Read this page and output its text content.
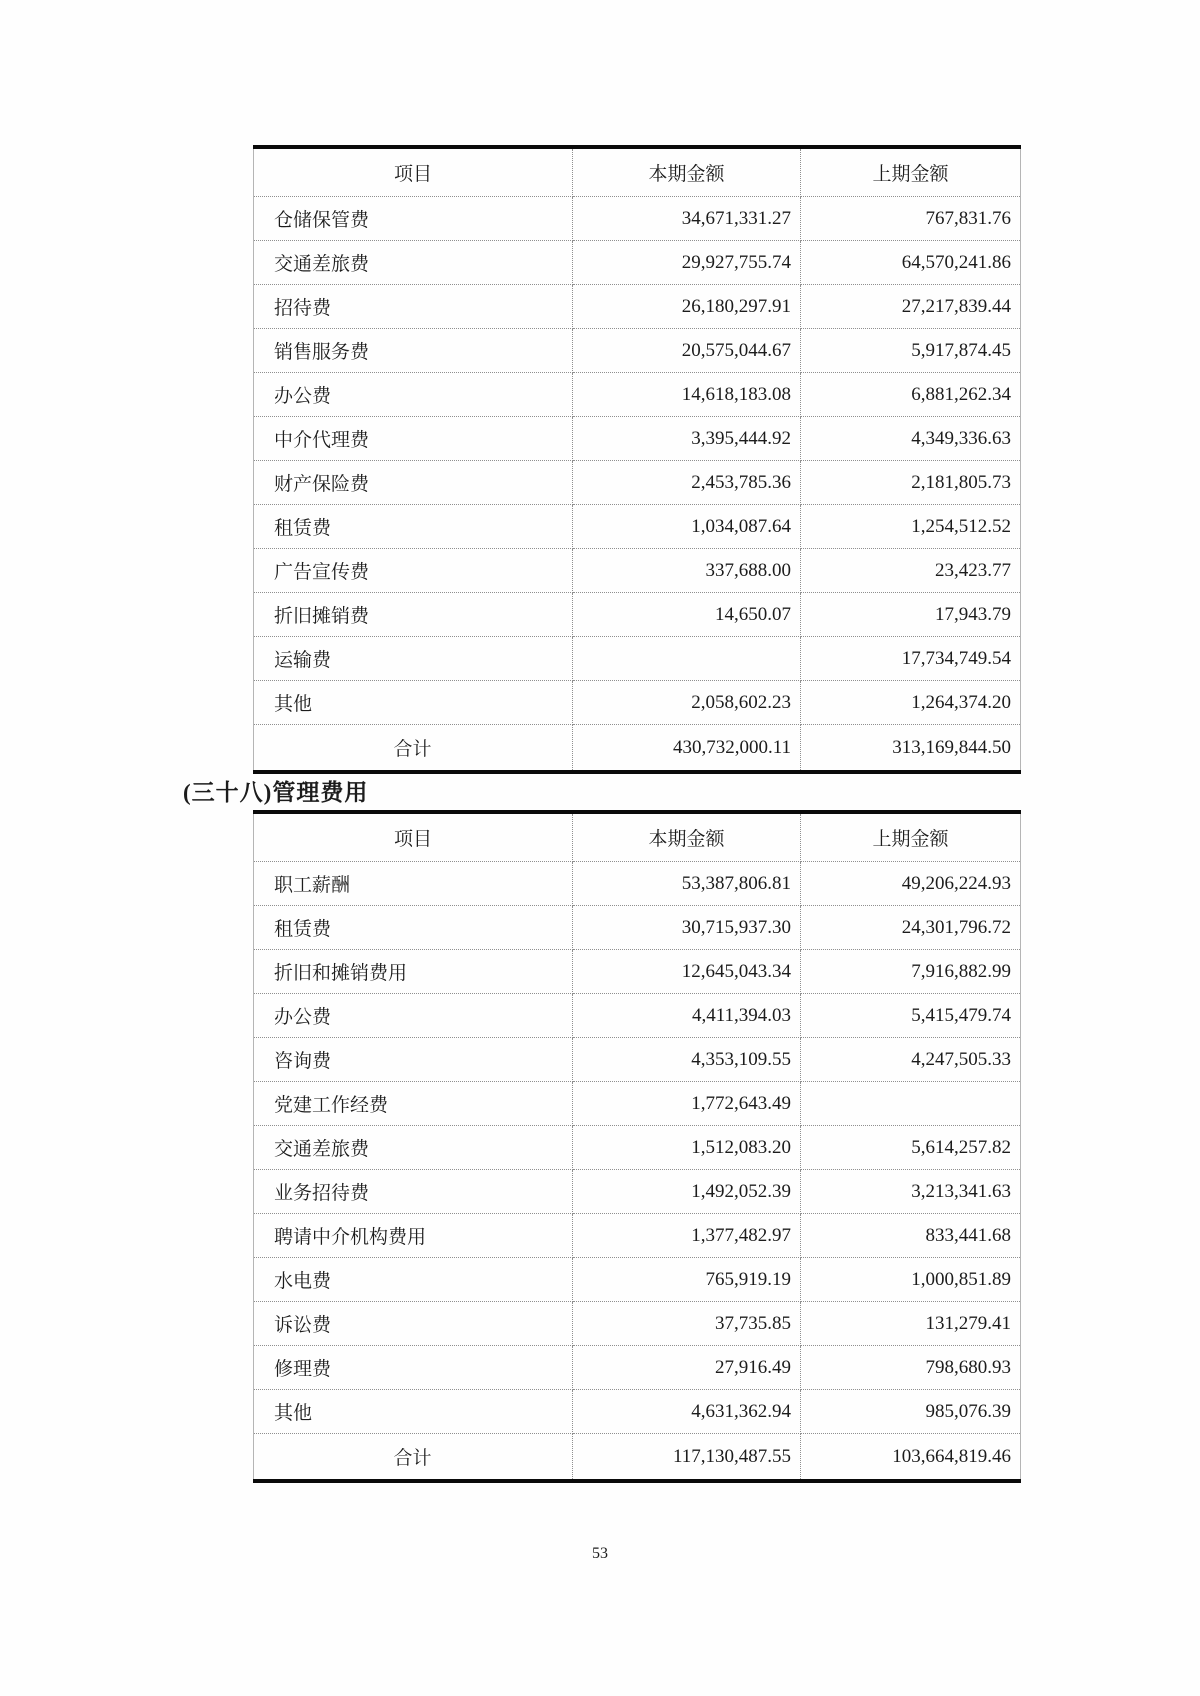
项目	本期金额	上期金额
仓储保管费	34,671,331.27	767,831.76
交通差旅费	29,927,755.74	64,570,241.86
招待费	26,180,297.91	27,217,839.44
销售服务费	20,575,044.67	5,917,874.45
办公费	14,618,183.08	6,881,262.34
中介代理费	3,395,444.92	4,349,336.63
财产保险费	2,453,785.36	2,181,805.73
租赁费	1,034,087.64	1,254,512.52
广告宣传费	337,688.00	23,423.77
折旧摊销费	14,650.07	17,943.79
运输费		17,734,749.54
其他	2,058,602.23	1,264,374.20
合计	430,732,000.11	313,169,844.50
(三十八)管理费用
项目	本期金额	上期金额
职工薪酬	53,387,806.81	49,206,224.93
租赁费	30,715,937.30	24,301,796.72
折旧和摊销费用	12,645,043.34	7,916,882.99
办公费	4,411,394.03	5,415,479.74
咨询费	4,353,109.55	4,247,505.33
党建工作经费	1,772,643.49	
交通差旅费	1,512,083.20	5,614,257.82
业务招待费	1,492,052.39	3,213,341.63
聘请中介机构费用	1,377,482.97	833,441.68
水电费	765,919.19	1,000,851.89
诉讼费	37,735.85	131,279.41
修理费	27,916.49	798,680.93
其他	4,631,362.94	985,076.39
合计	117,130,487.55	103,664,819.46
53
